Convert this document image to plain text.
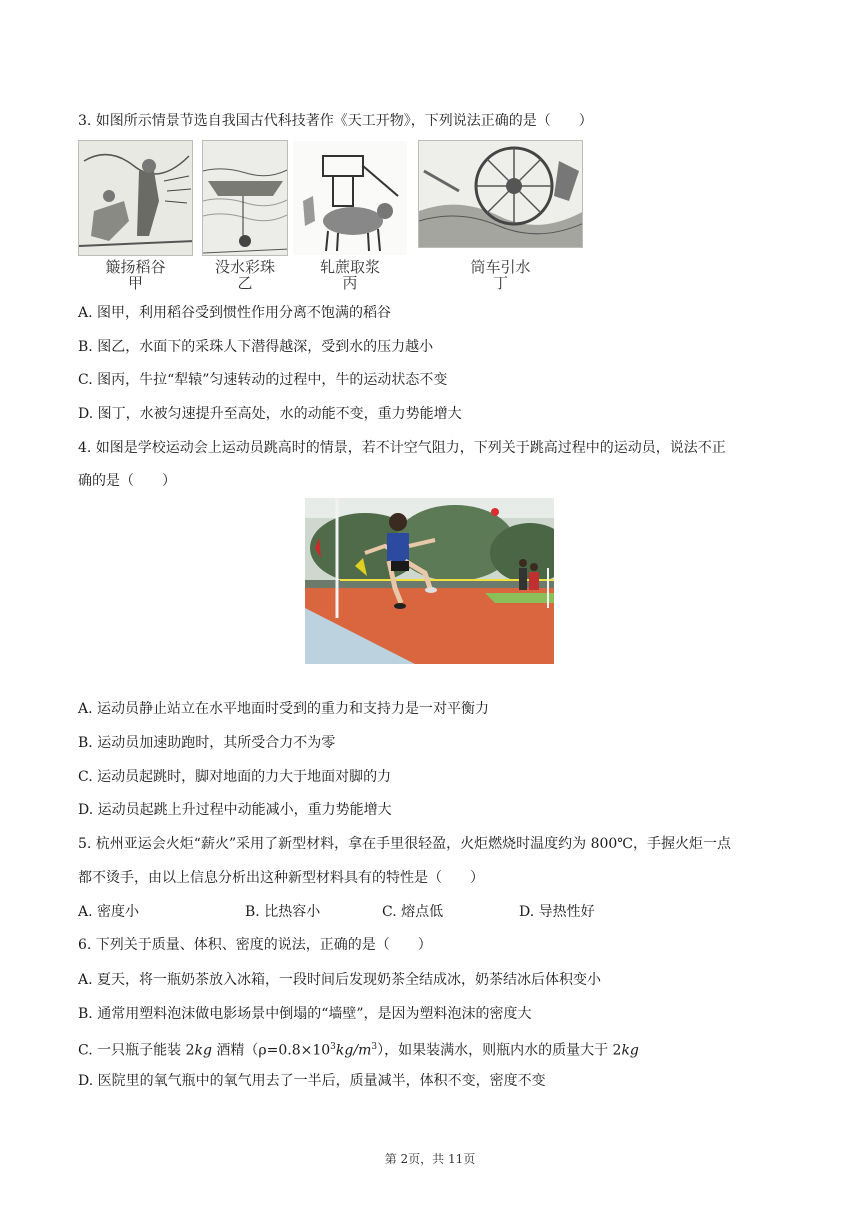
3. 如图所示情景节选自我国古代科技著作《天工开物》，下列说法正确的是（　　）
簸扬稻谷
甲
没水彩珠
乙
轧蔗取浆
丙
筒车引水
丁
A. 图甲，利用稻谷受到惯性作用分离不饱满的稻谷
B. 图乙，水面下的采珠人下潜得越深，受到水的压力越小
C. 图丙，牛拉“犁辕”匀速转动的过程中，牛的运动状态不变
D. 图丁，水被匀速提升至高处，水的动能不变，重力势能增大
4. 如图是学校运动会上运动员跳高时的情景，若不计空气阻力，下列关于跳高过程中的运动员，说法不正
确的是（　　）
A. 运动员静止站立在水平地面时受到的重力和支持力是一对平衡力
B. 运动员加速助跑时，其所受合力不为零
C. 运动员起跳时，脚对地面的力大于地面对脚的力
D. 运动员起跳上升过程中动能减小，重力势能增大
5. 杭州亚运会火炬“薪火”采用了新型材料，拿在手里很轻盈，火炬燃烧时温度约为 800℃，手握火炬一点
都不烫手，由以上信息分析出这种新型材料具有的特性是（　　）
A. 密度小	B. 比热容小	C. 熔点低	D. 导热性好
6. 下列关于质量、体积、密度的说法，正确的是（　　）
A. 夏天，将一瓶奶茶放入冰箱，一段时间后发现奶茶全结成冰，奶茶结冰后体积变小
B. 通常用塑料泡沫做电影场景中倒塌的“墙壁”，是因为塑料泡沫的密度大
C. 一只瓶子能装 2kg 酒精$(\rho=0.8\times 10^3kg/m^3)$，如果装满水，则瓶内水的质量大于 2kg
D. 医院里的氧气瓶中的氧气用去了一半后，质量减半，体积不变，密度不变
第 2页，共 11页
